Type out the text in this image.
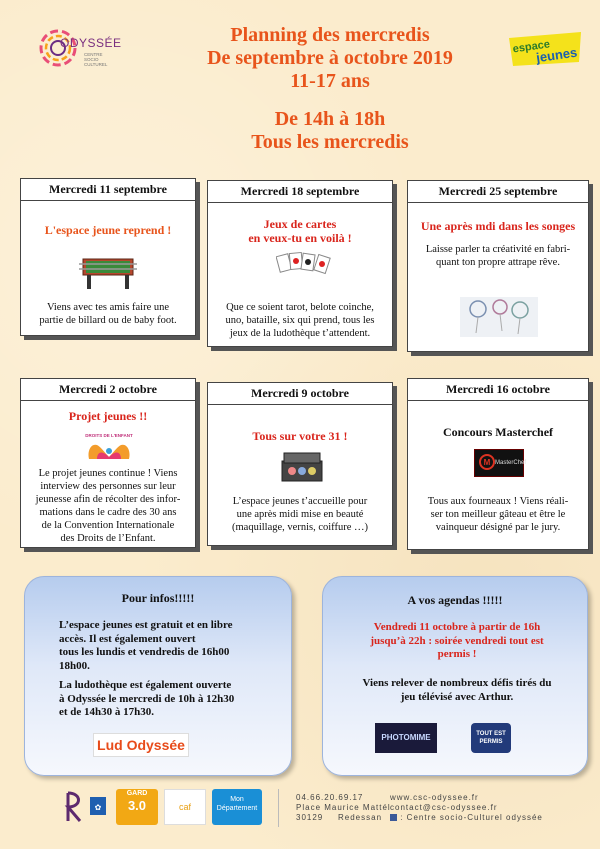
ODYSSÉE
CENTRE SOCIO CULTUREL
espace
jeunes
Planning des mercredis
De septembre à octobre 2019
11-17 ans
De 14h à 18h
Tous les mercredis
Mercredi 11 septembre
L'espace jeune reprend !
Viens avec tes amis faire une
partie de billard ou de baby foot.
Mercredi 18 septembre
Jeux de cartes
en veux-tu en voilà !
Que ce soient tarot, belote coinche,
uno, bataille, six qui prend, tous les
jeux de la ludothèque t’attendent.
Mercredi 25 septembre
Une après mdi dans les songes
Laisse parler ta créativité en fabri-
quant ton propre attrape rêve.
Mercredi 2 octobre
Projet jeunes !!
DROITS DE L'ENFANT
Le projet jeunes continue ! Viens
interview des personnes sur leur
jeunesse afin de récolter des infor-
mations dans le cadre des 30 ans
de la Convention Internationale
des Droits de l’Enfant.
Mercredi 9 octobre
Tous sur votre 31 !
L’espace jeunes t’accueille pour
une après midi mise en beauté
(maquillage, vernis, coiffure …)
Mercredi 16 octobre
Concours Masterchef
M MasterChef
Tous aux fourneaux ! Viens réali-
ser ton meilleur gâteau et être le
vainqueur désigné par le jury.
Pour infos!!!!!

L’espace jeunes est gratuit et en libre
accès. Il est également ouvert
tous les lundis et vendredis de 16h00
18h00.

La ludothèque est également ouverte
à Odyssée le mercredi de 10h à 12h30
et de 14h30 à 17h30.

Lud Odyssée
A vos agendas !!!!!

Vendredi 11 octobre à partir de 16h
jusqu’à 22h : soirée vendredi tout est
permis !

Viens relever de nombreux défis tirés du
jeu télévisé avec Arthur.

PHOTOMIME	TOUT EST PERMIS
✿
GARD
3.0	caf
Mon Département
04.66.20.69.17
Place Maurice Mattél
30129 Redessan
www.csc-odyssee.fr
contact@csc-odyssee.fr
: Centre socio-Culturel odyssée
